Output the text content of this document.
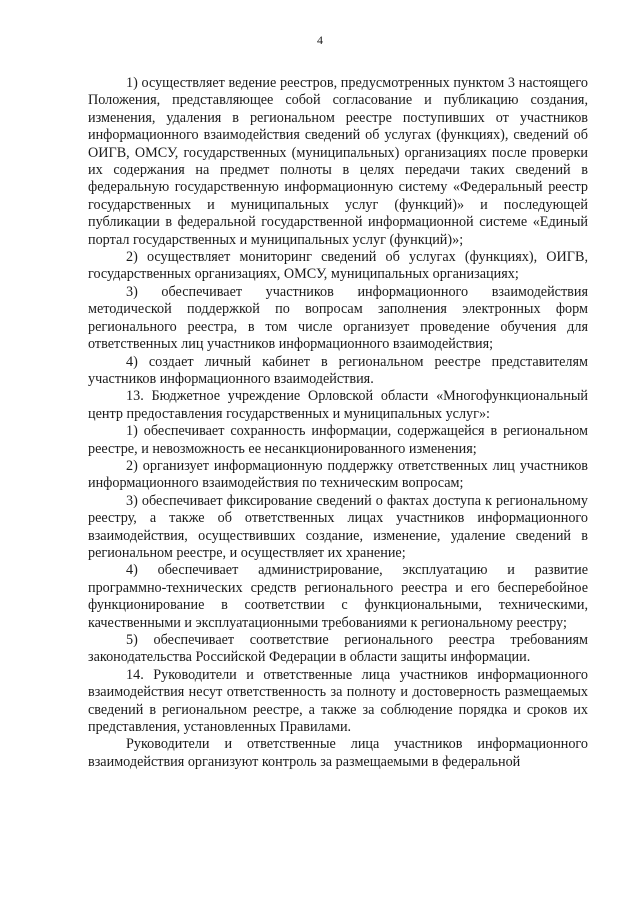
4

1) осуществляет ведение реестров, предусмотренных пунктом 3 настоящего Положения, представляющее собой согласование и публикацию создания, изменения, удаления в региональном реестре поступивших от участников информационного взаимодействия сведений об услугах (функциях), сведений об ОИГВ, ОМСУ, государственных (муниципальных) организациях после проверки их содержания на предмет полноты в целях передачи таких сведений в федеральную государственную информационную систему «Федеральный реестр государственных и муниципальных услуг (функций)» и последующей публикации в федеральной государственной информационной системе «Единый портал государственных и муниципальных услуг (функций)»;

2) осуществляет мониторинг сведений об услугах (функциях), ОИГВ, государственных организациях, ОМСУ, муниципальных организациях;

3) обеспечивает участников информационного взаимодействия методической поддержкой по вопросам заполнения электронных форм регионального реестра, в том числе организует проведение обучения для ответственных лиц участников информационного взаимодействия;

4) создает личный кабинет в региональном реестре представителям участников информационного взаимодействия.

13. Бюджетное учреждение Орловской области «Многофункциональный центр предоставления государственных и муниципальных услуг»:

1) обеспечивает сохранность информации, содержащейся в региональном реестре, и невозможность ее несанкционированного изменения;

2) организует информационную поддержку ответственных лиц участников информационного взаимодействия по техническим вопросам;

3) обеспечивает фиксирование сведений о фактах доступа к региональному реестру, а также об ответственных лицах участников информационного взаимодействия, осуществивших создание, изменение, удаление сведений в региональном реестре, и осуществляет их хранение;

4) обеспечивает администрирование, эксплуатацию и развитие программно-технических средств регионального реестра и его бесперебойное функционирование в соответствии с функциональными, техническими, качественными и эксплуатационными требованиями к региональному реестру;

5) обеспечивает соответствие регионального реестра требованиям законодательства Российской Федерации в области защиты информации.

14. Руководители и ответственные лица участников информационного взаимодействия несут ответственность за полноту и достоверность размещаемых сведений в региональном реестре, а также за соблюдение порядка и сроков их представления, установленных Правилами.

Руководители и ответственные лица участников информационного взаимодействия организуют контроль за размещаемыми в федеральной
